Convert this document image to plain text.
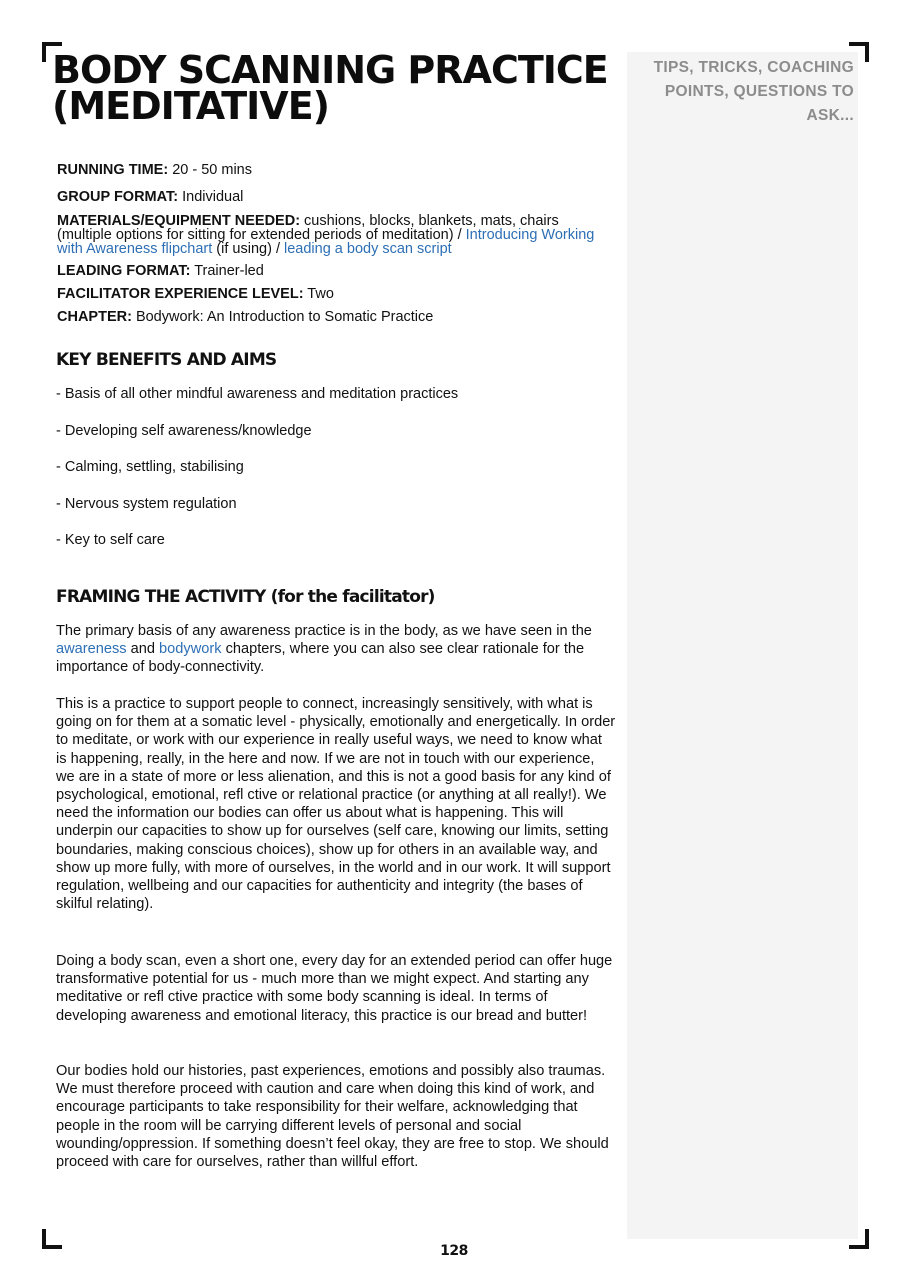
BODY SCANNING PRACTICE
(MEDITATIVE)

TIPS, TRICKS, COACHING POINTS, QUESTIONS TO ASK...

RUNNING TIME: 20 - 50 mins

GROUP FORMAT: Individual

MATERIALS/EQUIPMENT NEEDED: cushions, blocks, blankets, mats, chairs (multiple options for sitting for extended periods of meditation) / Introducing Working with Awareness flipchart (if using) / leading a body scan script

LEADING FORMAT: Trainer-led

FACILITATOR EXPERIENCE LEVEL: Two

CHAPTER: Bodywork: An Introduction to Somatic Practice

KEY BENEFITS AND AIMS

- Basis of all other mindful awareness and meditation practices

- Developing self awareness/knowledge

- Calming, settling, stabilising

- Nervous system regulation

- Key to self care

FRAMING THE ACTIVITY (for the facilitator)

The primary basis of any awareness practice is in the body, as we have seen in the awareness and bodywork chapters, where you can also see clear rationale for the importance of body-connectivity.

This is a practice to support people to connect, increasingly sensitively, with what is going on for them at a somatic level - physically, emotionally and energetically. In order to meditate, or work with our experience in really useful ways, we need to know what is happening, really, in the here and now. If we are not in touch with our experience, we are in a state of more or less alienation, and this is not a good basis for any kind of psychological, emotional, refl ctive or relational practice (or anything at all really!). We need the information our bodies can offer us about what is happening. This will underpin our capacities to show up for ourselves (self care, knowing our limits, setting boundaries, making conscious choices), show up for others in an available way, and show up more fully, with more of ourselves, in the world and in our work. It will support regulation, wellbeing and our capacities for authenticity and integrity (the bases of skilful relating).

Doing a body scan, even a short one, every day for an extended period can offer huge transformative potential for us - much more than we might expect. And starting any meditative or refl ctive practice with some body scanning is ideal. In terms of developing awareness and emotional literacy, this practice is our bread and butter!

Our bodies hold our histories, past experiences, emotions and possibly also traumas. We must therefore proceed with caution and care when doing this kind of work, and encourage participants to take responsibility for their welfare, acknowledging that people in the room will be carrying different levels of personal and social wounding/oppression. If something doesn’t feel okay, they are free to stop. We should proceed with care for ourselves, rather than willful effort.

128
